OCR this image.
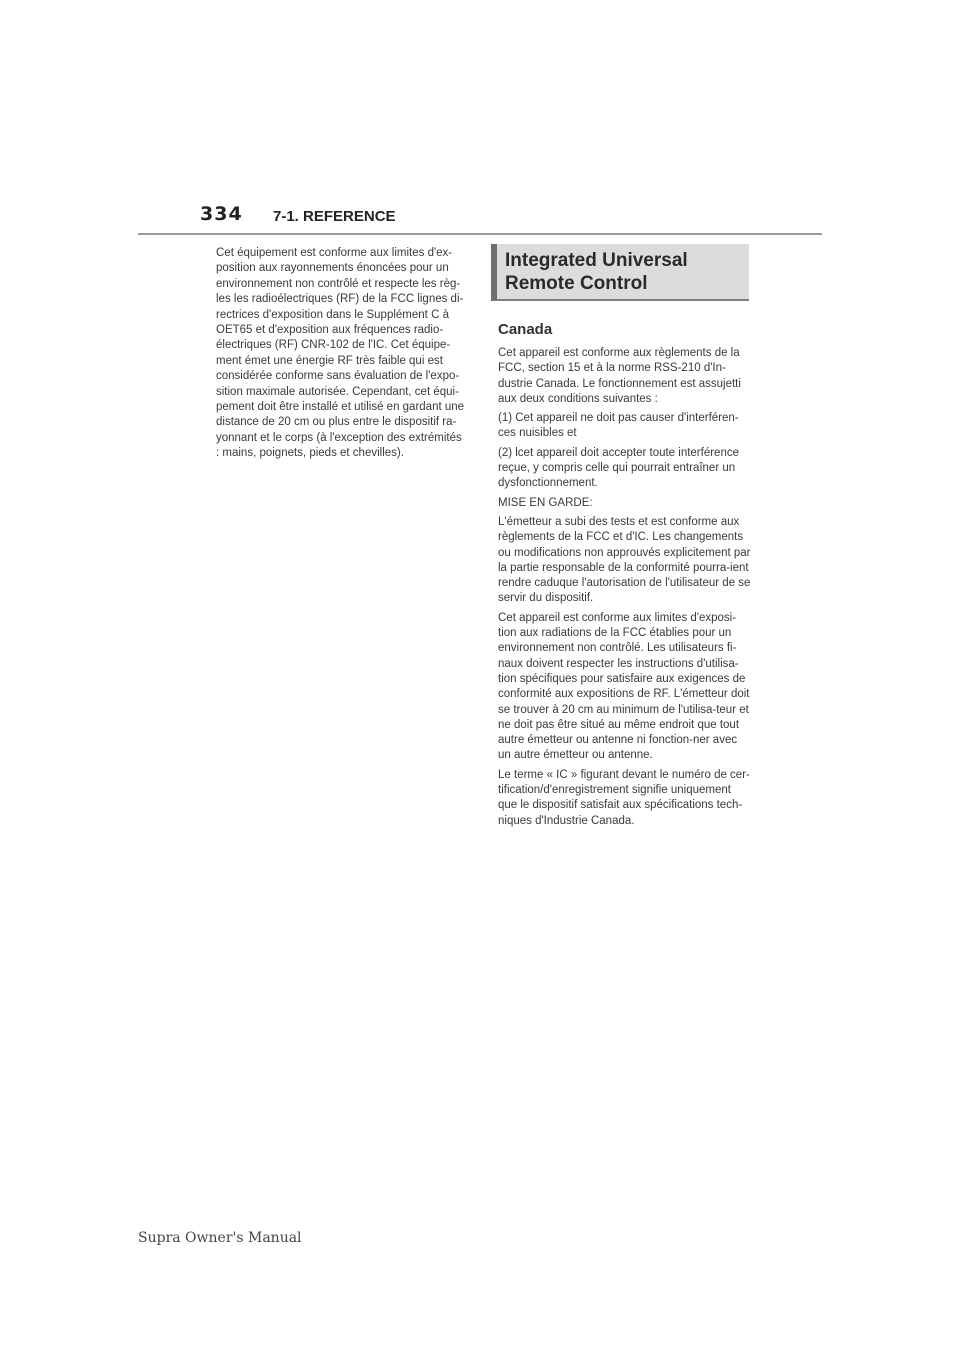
334 7-1. REFERENCE

Cet équipement est conforme aux limites d'ex-position aux rayonnements énoncées pour un environnement non contrôlé et respecte les règ-les les radioélectriques (RF) de la FCC lignes di-rectrices d'exposition dans le Supplément C à OET65 et d'exposition aux fréquences radio-électriques (RF) CNR-102 de l'IC. Cet équipe-ment émet une énergie RF très faible qui est considérée conforme sans évaluation de l'expo-sition maximale autorisée. Cependant, cet équi-pement doit être installé et utilisé en gardant une distance de 20 cm ou plus entre le dispositif ra-yonnant et le corps (à l'exception des extrémités : mains, poignets, pieds et chevilles).

Integrated Universal
Remote Control
Canada

Cet appareil est conforme aux règlements de la FCC, section 15 et à la norme RSS-210 d'In-dustrie Canada. Le fonctionnement est assujetti aux deux conditions suivantes :

(1) Cet appareil ne doit pas causer d'interféren-ces nuisibles et

(2) lcet appareil doit accepter toute interférence reçue, y compris celle qui pourrait entraîner un dysfonctionnement.

MISE EN GARDE:

L'émetteur a subi des tests et est conforme aux règlements de la FCC et d'IC. Les changements ou modifications non approuvés explicitement par la partie responsable de la conformité pourra-ient rendre caduque l'autorisation de l'utilisateur de se servir du dispositif.

Cet appareil est conforme aux limites d'exposi-tion aux radiations de la FCC établies pour un environnement non contrôlé. Les utilisateurs fi-naux doivent respecter les instructions d'utilisa-tion spécifiques pour satisfaire aux exigences de conformité aux expositions de RF. L'émetteur doit se trouver à 20 cm au minimum de l'utilisa-teur et ne doit pas être situé au même endroit que tout autre émetteur ou antenne ni fonction-ner avec un autre émetteur ou antenne.

Le terme « IC » figurant devant le numéro de cer-tification/d'enregistrement signifie uniquement que le dispositif satisfait aux spécifications tech-niques d'Industrie Canada.

Supra Owner's Manual
